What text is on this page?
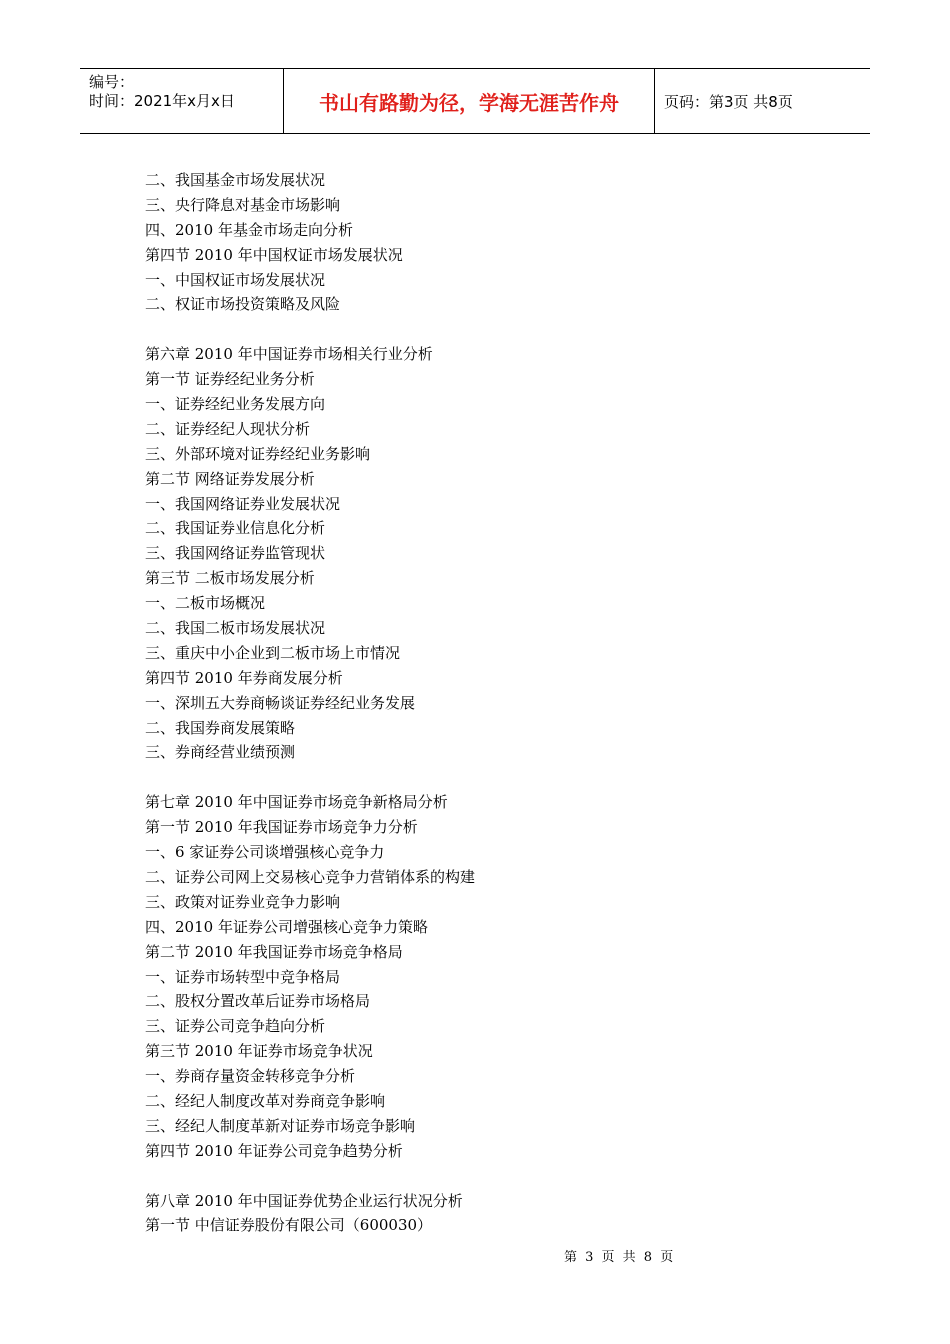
编号：
时间：2021年x月x日	书山有路勤为径，学海无涯苦作舟	页码：第3页 共8页
二、我国基金市场发展状况
三、央行降息对基金市场影响
四、2010 年基金市场走向分析
第四节 2010 年中国权证市场发展状况
一、中国权证市场发展状况
二、权证市场投资策略及风险
第六章 2010 年中国证券市场相关行业分析
第一节 证券经纪业务分析
一、证券经纪业务发展方向
二、证券经纪人现状分析
三、外部环境对证券经纪业务影响
第二节 网络证券发展分析
一、我国网络证券业发展状况
二、我国证券业信息化分析
三、我国网络证券监管现状
第三节 二板市场发展分析
一、二板市场概况
二、我国二板市场发展状况
三、重庆中小企业到二板市场上市情况
第四节 2010 年券商发展分析
一、深圳五大券商畅谈证券经纪业务发展
二、我国券商发展策略
三、券商经营业绩预测
第七章 2010 年中国证券市场竞争新格局分析
第一节 2010 年我国证券市场竞争力分析
一、6 家证券公司谈增强核心竞争力
二、证券公司网上交易核心竞争力营销体系的构建
三、政策对证券业竞争力影响
四、2010 年证券公司增强核心竞争力策略
第二节 2010 年我国证券市场竞争格局
一、证券市场转型中竞争格局
二、股权分置改革后证券市场格局
三、证券公司竞争趋向分析
第三节 2010 年证券市场竞争状况
一、券商存量资金转移竞争分析
二、经纪人制度改革对券商竞争影响
三、经纪人制度革新对证券市场竞争影响
第四节 2010 年证券公司竞争趋势分析
第八章 2010 年中国证券优势企业运行状况分析
第一节 中信证券股份有限公司（600030）
第 3 页 共 8 页
